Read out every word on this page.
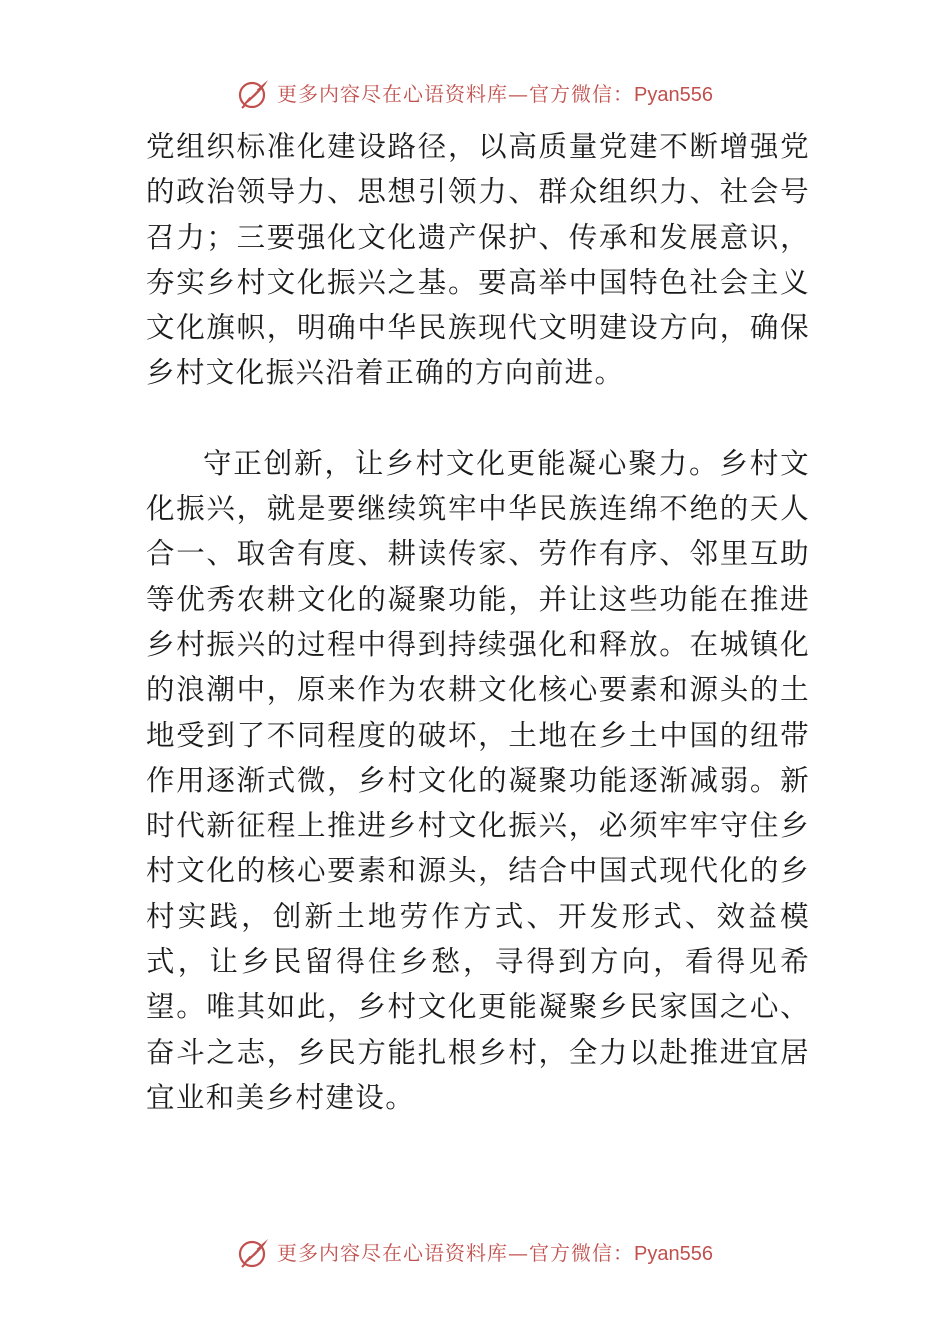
更多内容尽在心语资料库—官方微信：Pyan556

党组织标准化建设路径，以高质量党建不断增强党的政治领导力、思想引领力、群众组织力、社会号召力；三要强化文化遗产保护、传承和发展意识，夯实乡村文化振兴之基。要高举中国特色社会主义文化旗帜，明确中华民族现代文明建设方向，确保乡村文化振兴沿着正确的方向前进。

守正创新，让乡村文化更能凝心聚力。乡村文化振兴，就是要继续筑牢中华民族连绵不绝的天人合一、取舍有度、耕读传家、劳作有序、邻里互助等优秀农耕文化的凝聚功能，并让这些功能在推进乡村振兴的过程中得到持续强化和释放。在城镇化的浪潮中，原来作为农耕文化核心要素和源头的土地受到了不同程度的破坏，土地在乡土中国的纽带作用逐渐式微，乡村文化的凝聚功能逐渐减弱。新时代新征程上推进乡村文化振兴，必须牢牢守住乡村文化的核心要素和源头，结合中国式现代化的乡村实践，创新土地劳作方式、开发形式、效益模式，让乡民留得住乡愁，寻得到方向，看得见希望。唯其如此，乡村文化更能凝聚乡民家国之心、奋斗之志，乡民方能扎根乡村，全力以赴推进宜居宜业和美乡村建设。

更多内容尽在心语资料库—官方微信：Pyan556
